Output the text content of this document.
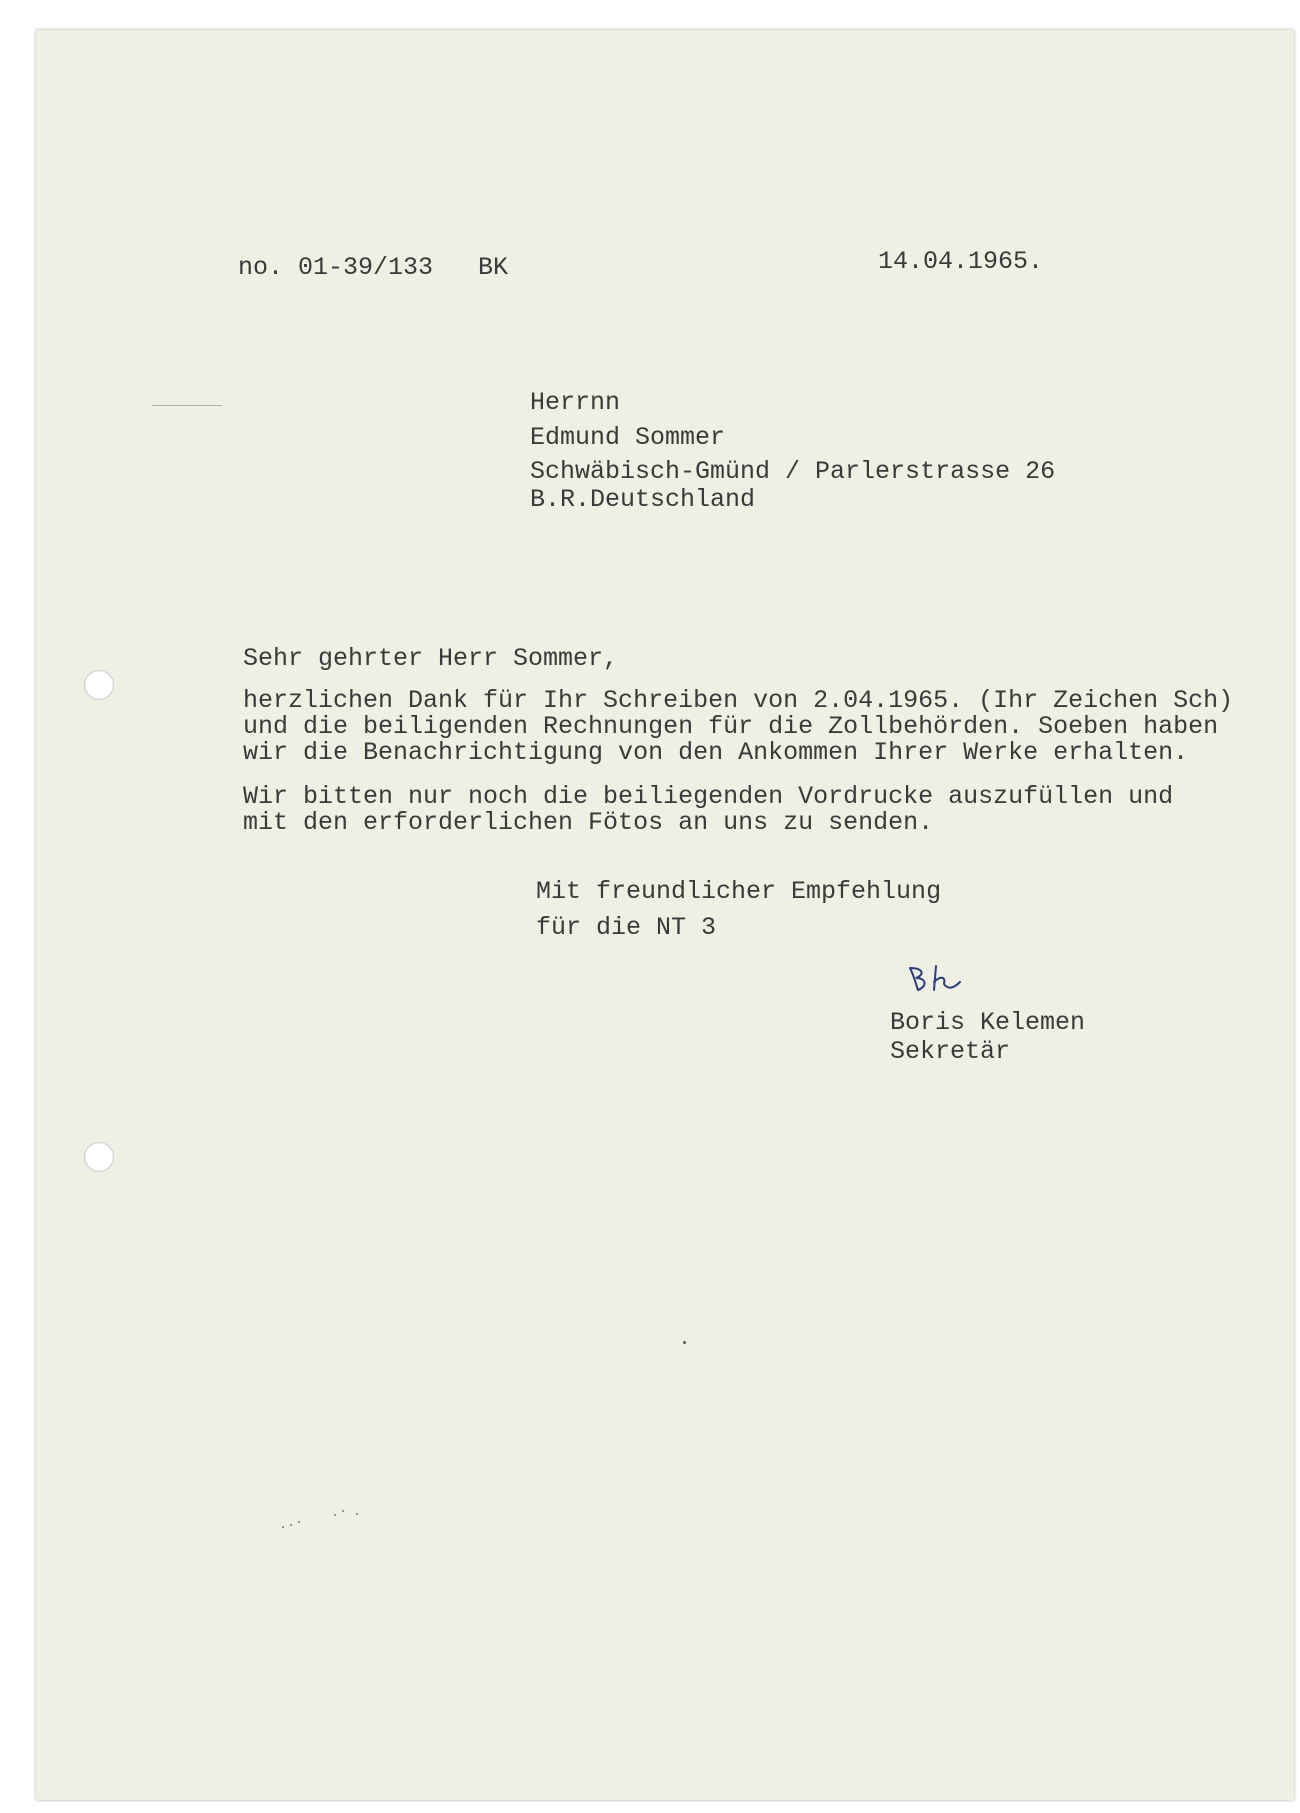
no. 01-39/133   BK	14.04.1965.
Herrnn
Edmund Sommer
Schwäbisch-Gmünd / Parlerstrasse 26
B.R.Deutschland
Sehr gehrter Herr Sommer,
herzlichen Dank für Ihr Schreiben von 2.04.1965. (Ihr Zeichen Sch)
und die beiligenden Rechnungen für die Zollbehörden. Soeben haben
wir die Benachrichtigung von den Ankommen Ihrer Werke erhalten.
Wir bitten nur noch die beiliegenden Vordrucke auszufüllen und
mit den erforderlichen Fötos an uns zu senden.
Mit freundlicher Empfehlung
für die NT 3
Boris Kelemen
Sekretär
